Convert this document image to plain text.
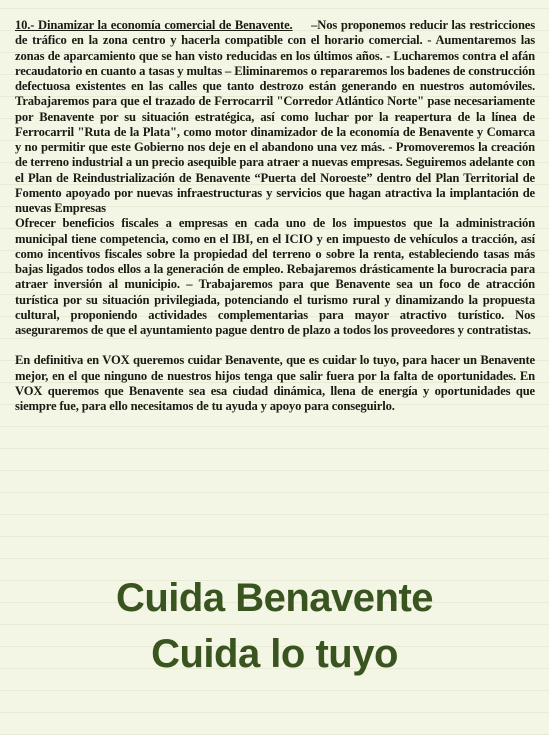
10.- Dinamizar la economía comercial de Benavente. –Nos proponemos reducir las restricciones de tráfico en la zona centro y hacerla compatible con el horario comercial. - Aumentaremos las zonas de aparcamiento que se han visto reducidas en los últimos años. - Lucharemos contra el afán recaudatorio en cuanto a tasas y multas – Eliminaremos o repararemos los badenes de construcción defectuosa existentes en las calles que tanto destrozo están generando en nuestros automóviles. Trabajaremos para que el trazado de Ferrocarril "Corredor Atlántico Norte" pase necesariamente por Benavente por su situación estratégica, así como luchar por la reapertura de la línea de Ferrocarril "Ruta de la Plata", como motor dinamizador de la economía de Benavente y Comarca y no permitir que este Gobierno nos deje en el abandono una vez más. - Promoveremos la creación de terreno industrial a un precio asequible para atraer a nuevas empresas. Seguiremos adelante con el Plan de Reindustrialización de Benavente “Puerta del Noroeste” dentro del Plan Territorial de Fomento apoyado por nuevas infraestructuras y servicios que hagan atractiva la implantación de nuevas Empresas

Ofrecer beneficios fiscales a empresas en cada uno de los impuestos que la administración municipal tiene competencia, como en el IBI, en el ICIO y en impuesto de vehículos a tracción, así como incentivos fiscales sobre la propiedad del terreno o sobre la renta, estableciendo tasas más bajas ligados todos ellos a la generación de empleo. Rebajaremos drásticamente la burocracia para atraer inversión al municipio. – Trabajaremos para que Benavente sea un foco de atracción turística por su situación privilegiada, potenciando el turismo rural y dinamizando la propuesta cultural, proponiendo actividades complementarias para mayor atractivo turístico. Nos aseguraremos de que el ayuntamiento pague dentro de plazo a todos los proveedores y contratistas.

En definitiva en VOX queremos cuidar Benavente, que es cuidar lo tuyo, para hacer un Benavente mejor, en el que ninguno de nuestros hijos tenga que salir fuera por la falta de oportunidades. En VOX queremos que Benavente sea esa ciudad dinámica, llena de energía y oportunidades que siempre fue, para ello necesitamos de tu ayuda y apoyo para conseguirlo.

Cuida Benavente
Cuida lo tuyo
